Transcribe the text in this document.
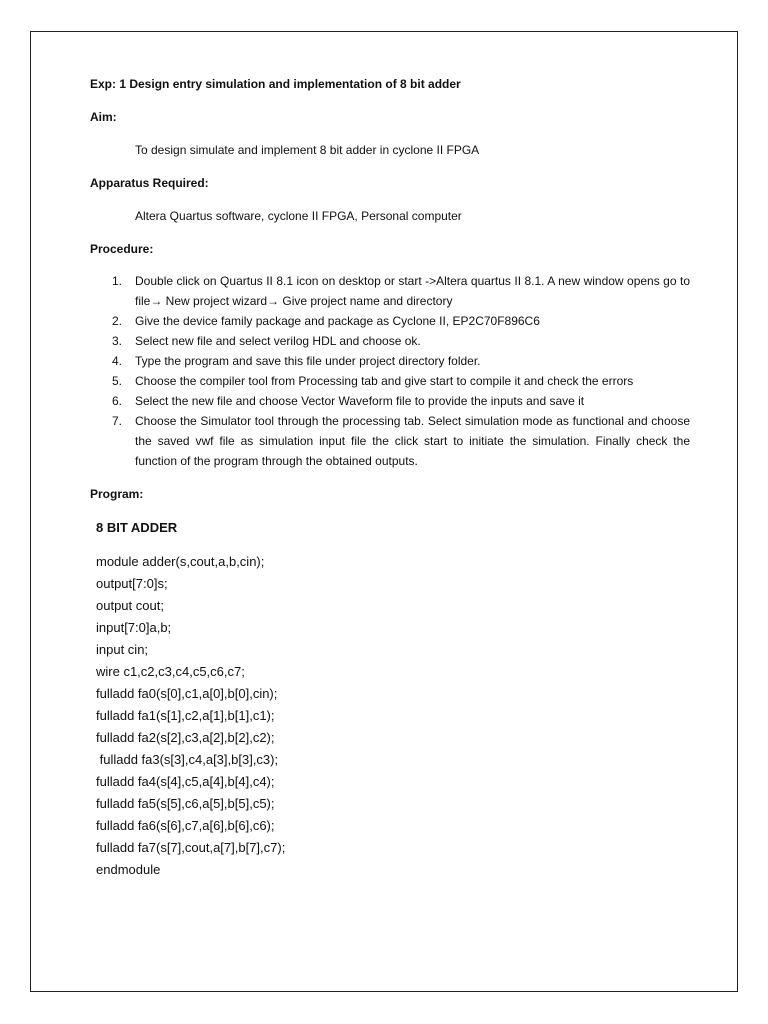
Exp: 1 Design entry simulation and implementation of 8 bit adder
Aim:
To design simulate and implement 8 bit adder in cyclone II FPGA
Apparatus Required:
Altera Quartus software, cyclone II FPGA, Personal computer
Procedure:
1. Double click on Quartus II 8.1 icon on desktop or start ->Altera quartus II 8.1. A new window opens go to file→ New project wizard→ Give project name and directory
2. Give the device family package and package as Cyclone II, EP2C70F896C6
3. Select new file and select verilog HDL and choose ok.
4. Type the program and save this file under project directory folder.
5. Choose the compiler tool from Processing tab and give start to compile it and check the errors
6. Select the new file and choose Vector Waveform file to provide the inputs and save it
7. Choose the Simulator tool through the processing tab. Select simulation mode as functional and choose the saved vwf file as simulation input file the click start to initiate the simulation. Finally check the function of the program through the obtained outputs.
Program:
8 BIT ADDER
module adder(s,cout,a,b,cin);
output[7:0]s;
output cout;
input[7:0]a,b;
input cin;
wire c1,c2,c3,c4,c5,c6,c7;
fulladd fa0(s[0],c1,a[0],b[0],cin);
fulladd fa1(s[1],c2,a[1],b[1],c1);
fulladd fa2(s[2],c3,a[2],b[2],c2);
fulladd fa3(s[3],c4,a[3],b[3],c3);
fulladd fa4(s[4],c5,a[4],b[4],c4);
fulladd fa5(s[5],c6,a[5],b[5],c5);
fulladd fa6(s[6],c7,a[6],b[6],c6);
fulladd fa7(s[7],cout,a[7],b[7],c7);
endmodule
